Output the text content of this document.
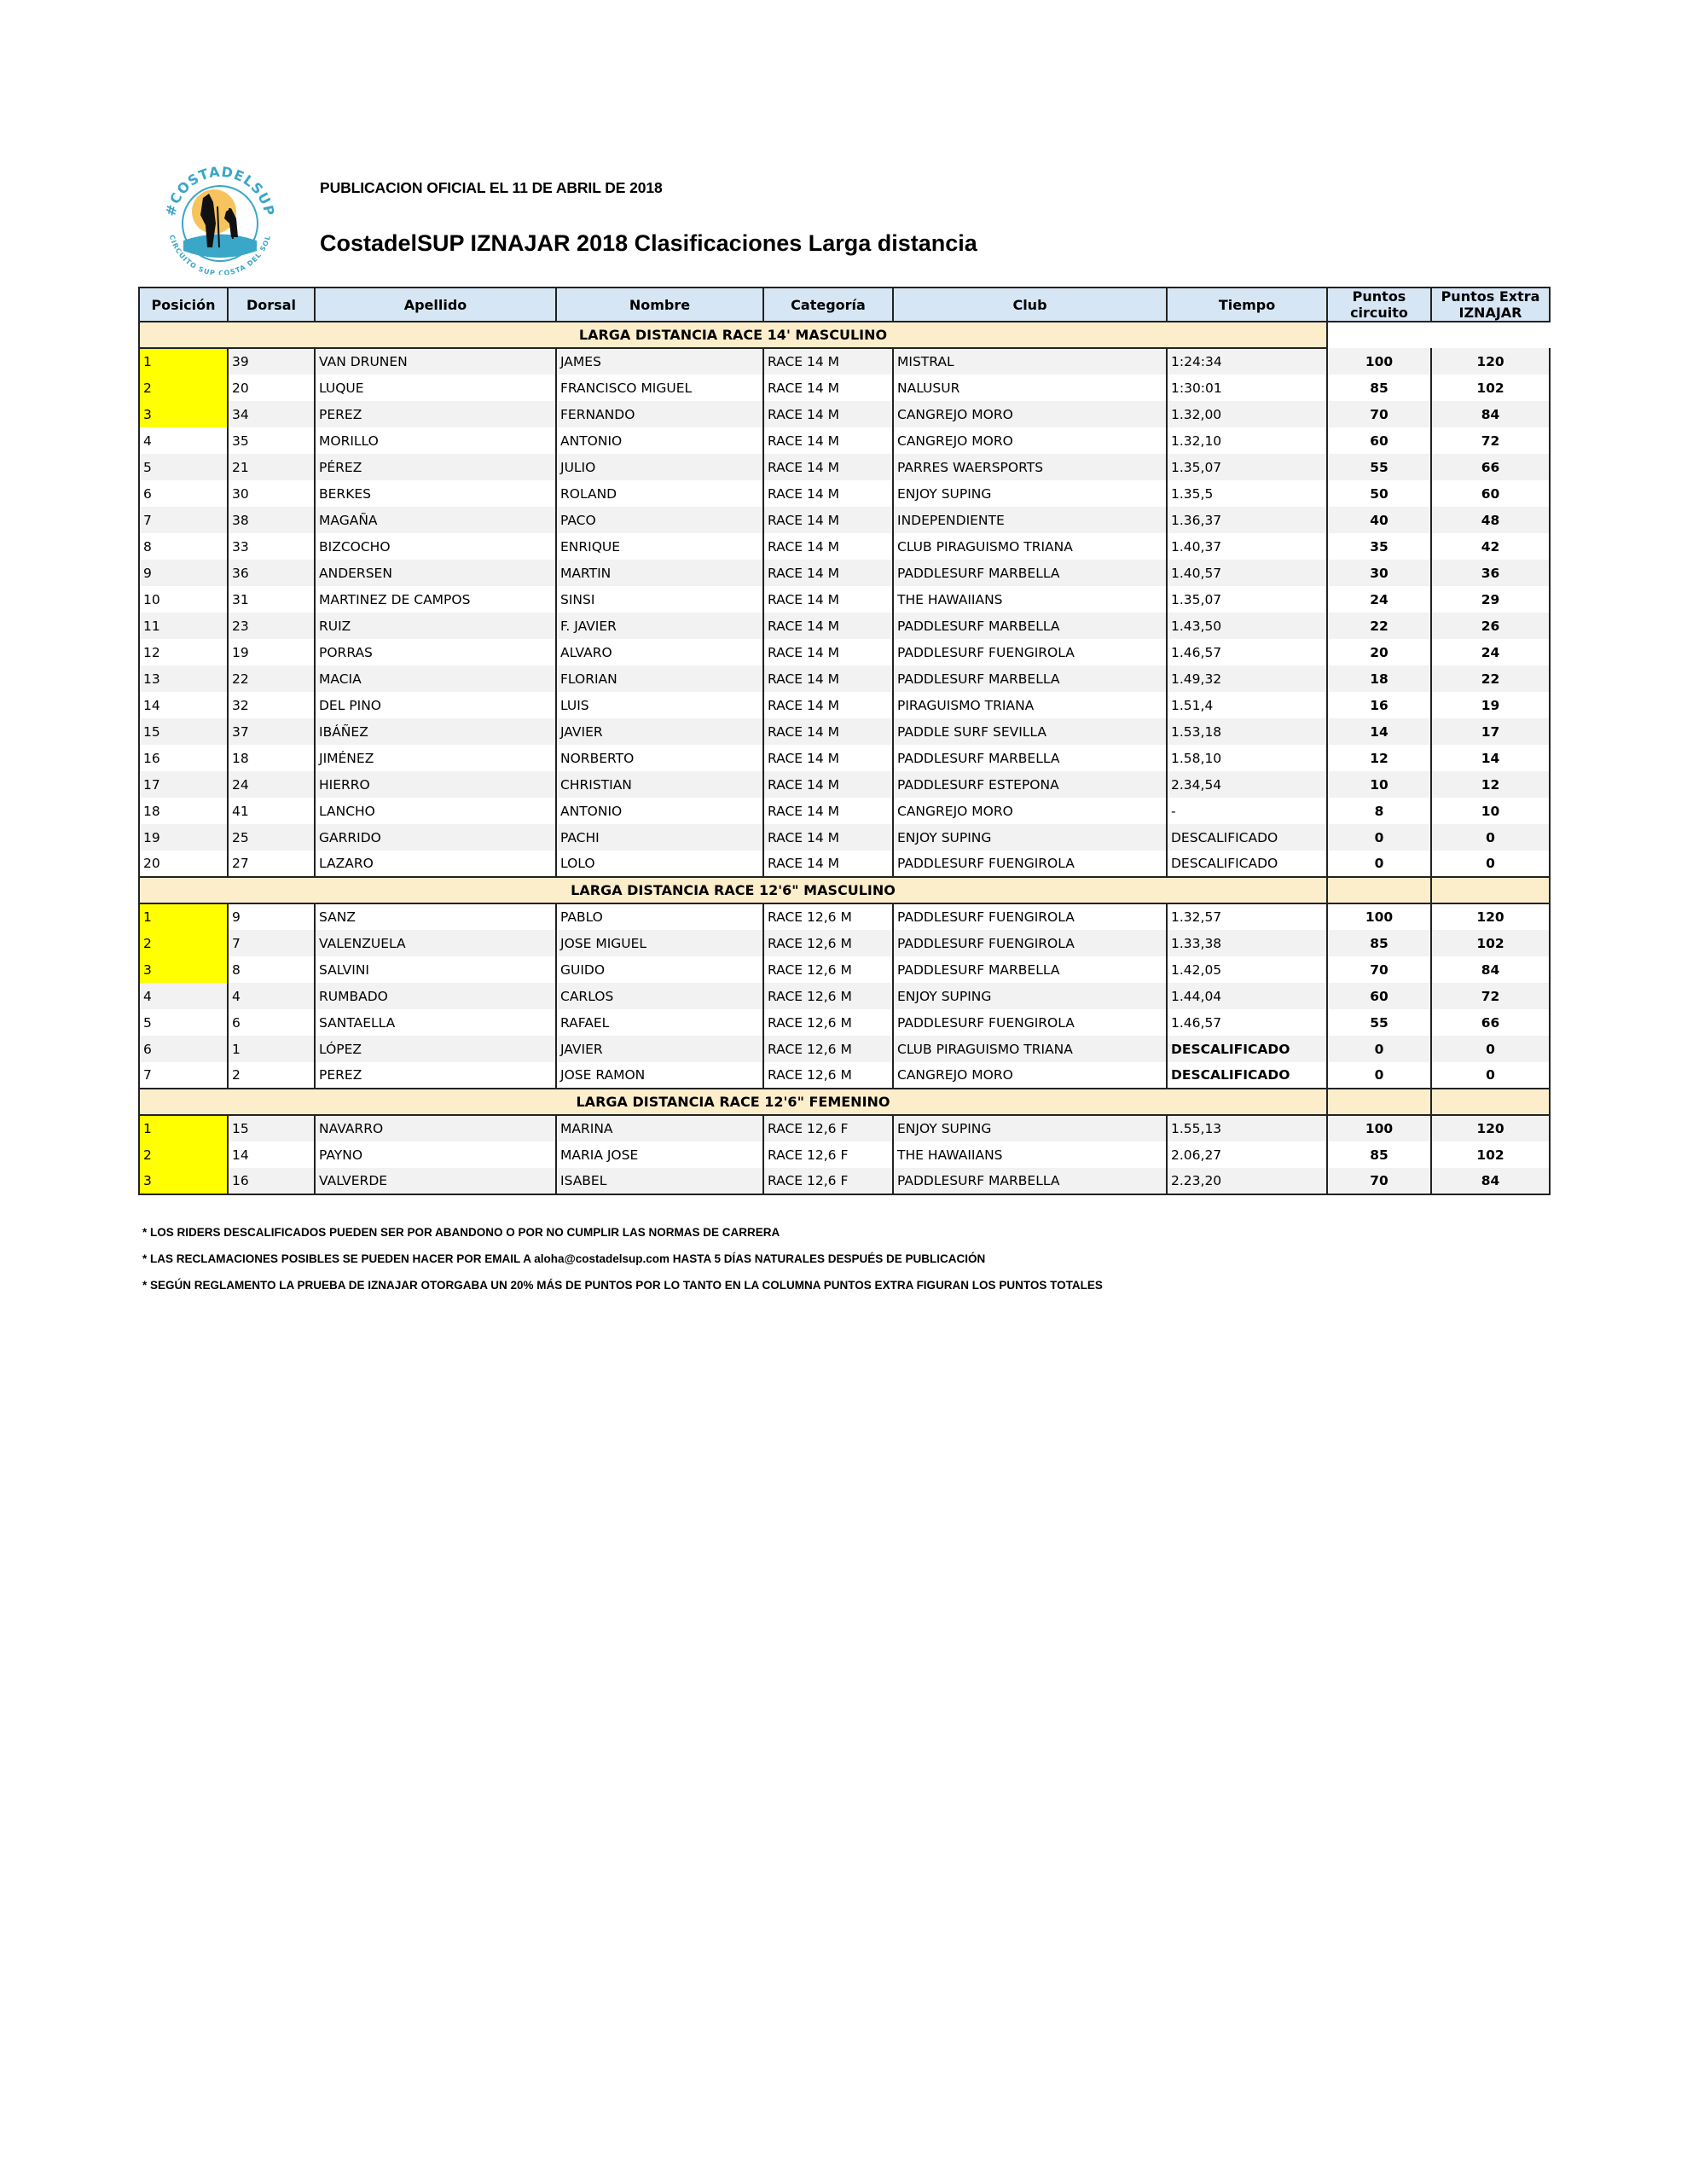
#COSTADELSUP
CIRCUITO SUP COSTA DEL SOL
PUBLICACION OFICIAL EL 11 DE ABRIL DE 2018
CostadelSUP IZNAJAR 2018 Clasificaciones Larga distancia
Posición	Dorsal	Apellido	Nombre	Categoría	Club	Tiempo	Puntos
circuito	Puntos Extra
IZNAJAR
LARGA DISTANCIA RACE 14' MASCULINO								
1	39	VAN DRUNEN	JAMES	RACE 14 M	MISTRAL	1:24:34	100	120
2	20	LUQUE	FRANCISCO MIGUEL	RACE 14 M	NALUSUR	1:30:01	85	102
3	34	PEREZ	FERNANDO	RACE 14 M	CANGREJO MORO	1.32,00	70	84
4	35	MORILLO	ANTONIO	RACE 14 M	CANGREJO MORO	1.32,10	60	72
5	21	PÉREZ	JULIO	RACE 14 M	PARRES WAERSPORTS	1.35,07	55	66
6	30	BERKES	ROLAND	RACE 14 M	ENJOY SUPING	1.35,5	50	60
7	38	MAGAÑA	PACO	RACE 14 M	INDEPENDIENTE	1.36,37	40	48
8	33	BIZCOCHO	ENRIQUE	RACE 14 M	CLUB PIRAGUISMO TRIANA	1.40,37	35	42
9	36	ANDERSEN	MARTIN	RACE 14 M	PADDLESURF MARBELLA	1.40,57	30	36
10	31	MARTINEZ DE CAMPOS	SINSI	RACE 14 M	THE HAWAIIANS	1.35,07	24	29
11	23	RUIZ	F. JAVIER	RACE 14 M	PADDLESURF MARBELLA	1.43,50	22	26
12	19	PORRAS	ALVARO	RACE 14 M	PADDLESURF FUENGIROLA	1.46,57	20	24
13	22	MACIA	FLORIAN	RACE 14 M	PADDLESURF MARBELLA	1.49,32	18	22
14	32	DEL PINO	LUIS	RACE 14 M	PIRAGUISMO TRIANA	1.51,4	16	19
15	37	IBÁÑEZ	JAVIER	RACE 14 M	PADDLE SURF SEVILLA	1.53,18	14	17
16	18	JIMÉNEZ	NORBERTO	RACE 14 M	PADDLESURF MARBELLA	1.58,10	12	14
17	24	HIERRO	CHRISTIAN	RACE 14 M	PADDLESURF ESTEPONA	2.34,54	10	12
18	41	LANCHO	ANTONIO	RACE 14 M	CANGREJO MORO	-	8	10
19	25	GARRIDO	PACHI	RACE 14 M	ENJOY SUPING	DESCALIFICADO	0	0
20	27	LAZARO	LOLO	RACE 14 M	PADDLESURF FUENGIROLA	DESCALIFICADO	0	0
LARGA DISTANCIA RACE 12'6" MASCULINO								
1	9	SANZ	PABLO	RACE 12,6 M	PADDLESURF FUENGIROLA	1.32,57	100	120
2	7	VALENZUELA	JOSE MIGUEL	RACE 12,6 M	PADDLESURF FUENGIROLA	1.33,38	85	102
3	8	SALVINI	GUIDO	RACE 12,6 M	PADDLESURF MARBELLA	1.42,05	70	84
4	4	RUMBADO	CARLOS	RACE 12,6 M	ENJOY SUPING	1.44,04	60	72
5	6	SANTAELLA	RAFAEL	RACE 12,6 M	PADDLESURF FUENGIROLA	1.46,57	55	66
6	1	LÓPEZ	JAVIER	RACE 12,6 M	CLUB PIRAGUISMO TRIANA	DESCALIFICADO	0	0
7	2	PEREZ	JOSE RAMON	RACE 12,6 M	CANGREJO MORO	DESCALIFICADO	0	0
LARGA DISTANCIA RACE 12'6" FEMENINO								
1	15	NAVARRO	MARINA	RACE 12,6 F	ENJOY SUPING	1.55,13	100	120
2	14	PAYNO	MARIA JOSE	RACE 12,6 F	THE HAWAIIANS	2.06,27	85	102
3	16	VALVERDE	ISABEL	RACE 12,6 F	PADDLESURF MARBELLA	2.23,20	70	84
* LOS RIDERS DESCALIFICADOS PUEDEN SER POR ABANDONO O POR NO CUMPLIR LAS NORMAS DE CARRERA
* LAS RECLAMACIONES POSIBLES SE PUEDEN HACER POR EMAIL A aloha@costadelsup.com HASTA 5 DÍAS NATURALES DESPUÉS DE PUBLICACIÓN
* SEGÚN REGLAMENTO LA PRUEBA DE IZNAJAR OTORGABA UN 20% MÁS DE PUNTOS POR LO TANTO EN LA COLUMNA PUNTOS EXTRA FIGURAN LOS PUNTOS TOTALES
